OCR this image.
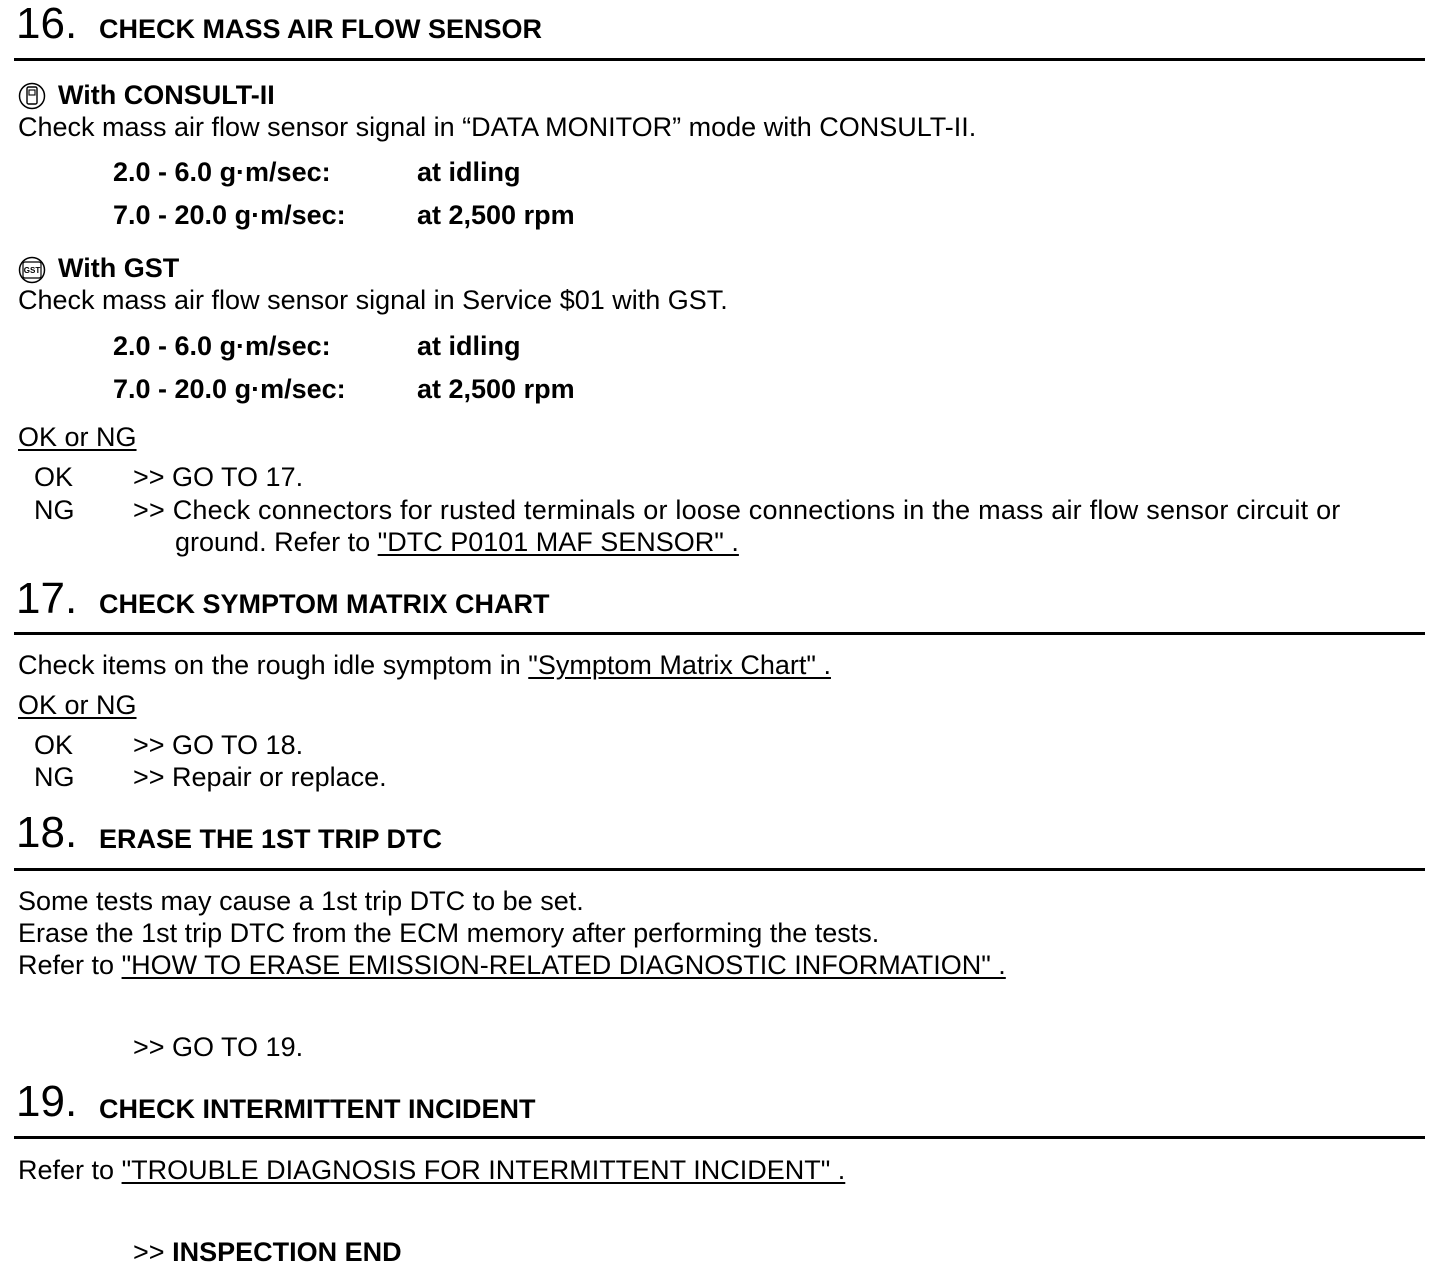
16. CHECK MASS AIR FLOW SENSOR
With CONSULT-II
Check mass air flow sensor signal in “DATA MONITOR” mode with CONSULT-II.
2.0 - 6.0 g·m/sec:	at idling
7.0 - 20.0 g·m/sec:	at 2,500 rpm
GST With GST
Check mass air flow sensor signal in Service $01 with GST.
2.0 - 6.0 g·m/sec:	at idling
7.0 - 20.0 g·m/sec:	at 2,500 rpm
OK or NG
OK >> GO TO 17.
NG >> Check connectors for rusted terminals or loose connections in the mass air flow sensor circuit or
ground. Refer to "DTC P0101 MAF SENSOR" .
17. CHECK SYMPTOM MATRIX CHART
Check items on the rough idle symptom in "Symptom Matrix Chart" .
OK or NG
OK >> GO TO 18.
NG >> Repair or replace.
18. ERASE THE 1ST TRIP DTC
Some tests may cause a 1st trip DTC to be set.
Erase the 1st trip DTC from the ECM memory after performing the tests.
Refer to "HOW TO ERASE EMISSION-RELATED DIAGNOSTIC INFORMATION" .
>> GO TO 19.
19. CHECK INTERMITTENT INCIDENT
Refer to "TROUBLE DIAGNOSIS FOR INTERMITTENT INCIDENT" .
>> INSPECTION END
